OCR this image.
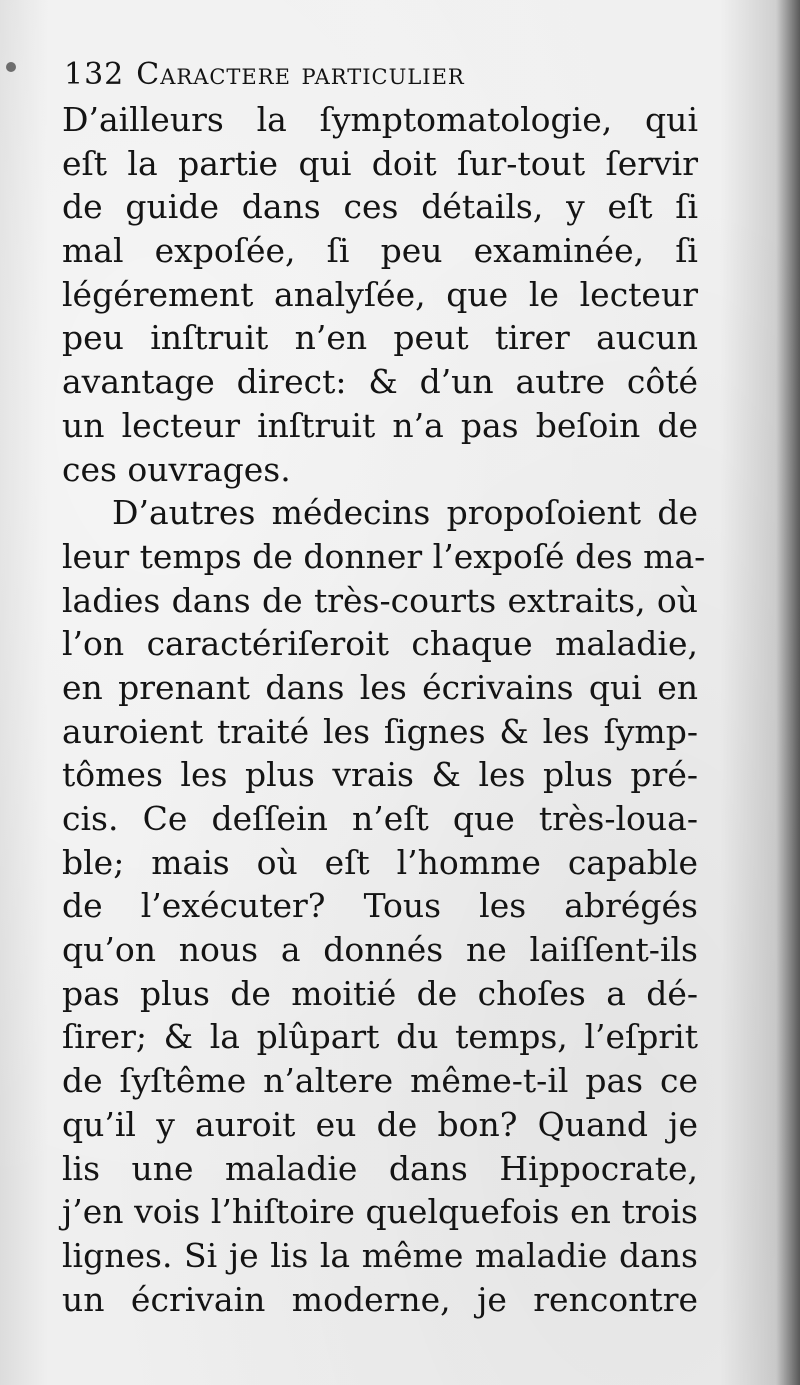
132 Caractere particulier
D’ailleurs la ſymptomatologie, qui
eſt la partie qui doit ſur-tout ſervir
de guide dans ces détails, y eſt ſi
mal expoſée, ſi peu examinée, ſi
légérement analyſée, que le lecteur
peu inſtruit n’en peut tirer aucun
avantage direct: & d’un autre côté
un lecteur inſtruit n’a pas beſoin de
ces ouvrages.
D’autres médecins propoſoient de
leur temps de donner l’expoſé des ma-
ladies dans de très-courts extraits, où
l’on caractériſeroit chaque maladie,
en prenant dans les écrivains qui en
auroient traité les ſignes & les ſymp-
tômes les plus vrais & les plus pré-
cis. Ce deſſein n’eſt que très-loua-
ble; mais où eſt l’homme capable
de l’exécuter? Tous les abrégés
qu’on nous a donnés ne laiſſent-ils
pas plus de moitié de choſes a dé-
ſirer; & la plûpart du temps, l’eſprit
de ſyſtême n’altere même-t-il pas ce
qu’il y auroit eu de bon? Quand je
lis une maladie dans Hippocrate,
j’en vois l’hiſtoire quelquefois en trois
lignes. Si je lis la même maladie dans
un écrivain moderne, je rencontre
